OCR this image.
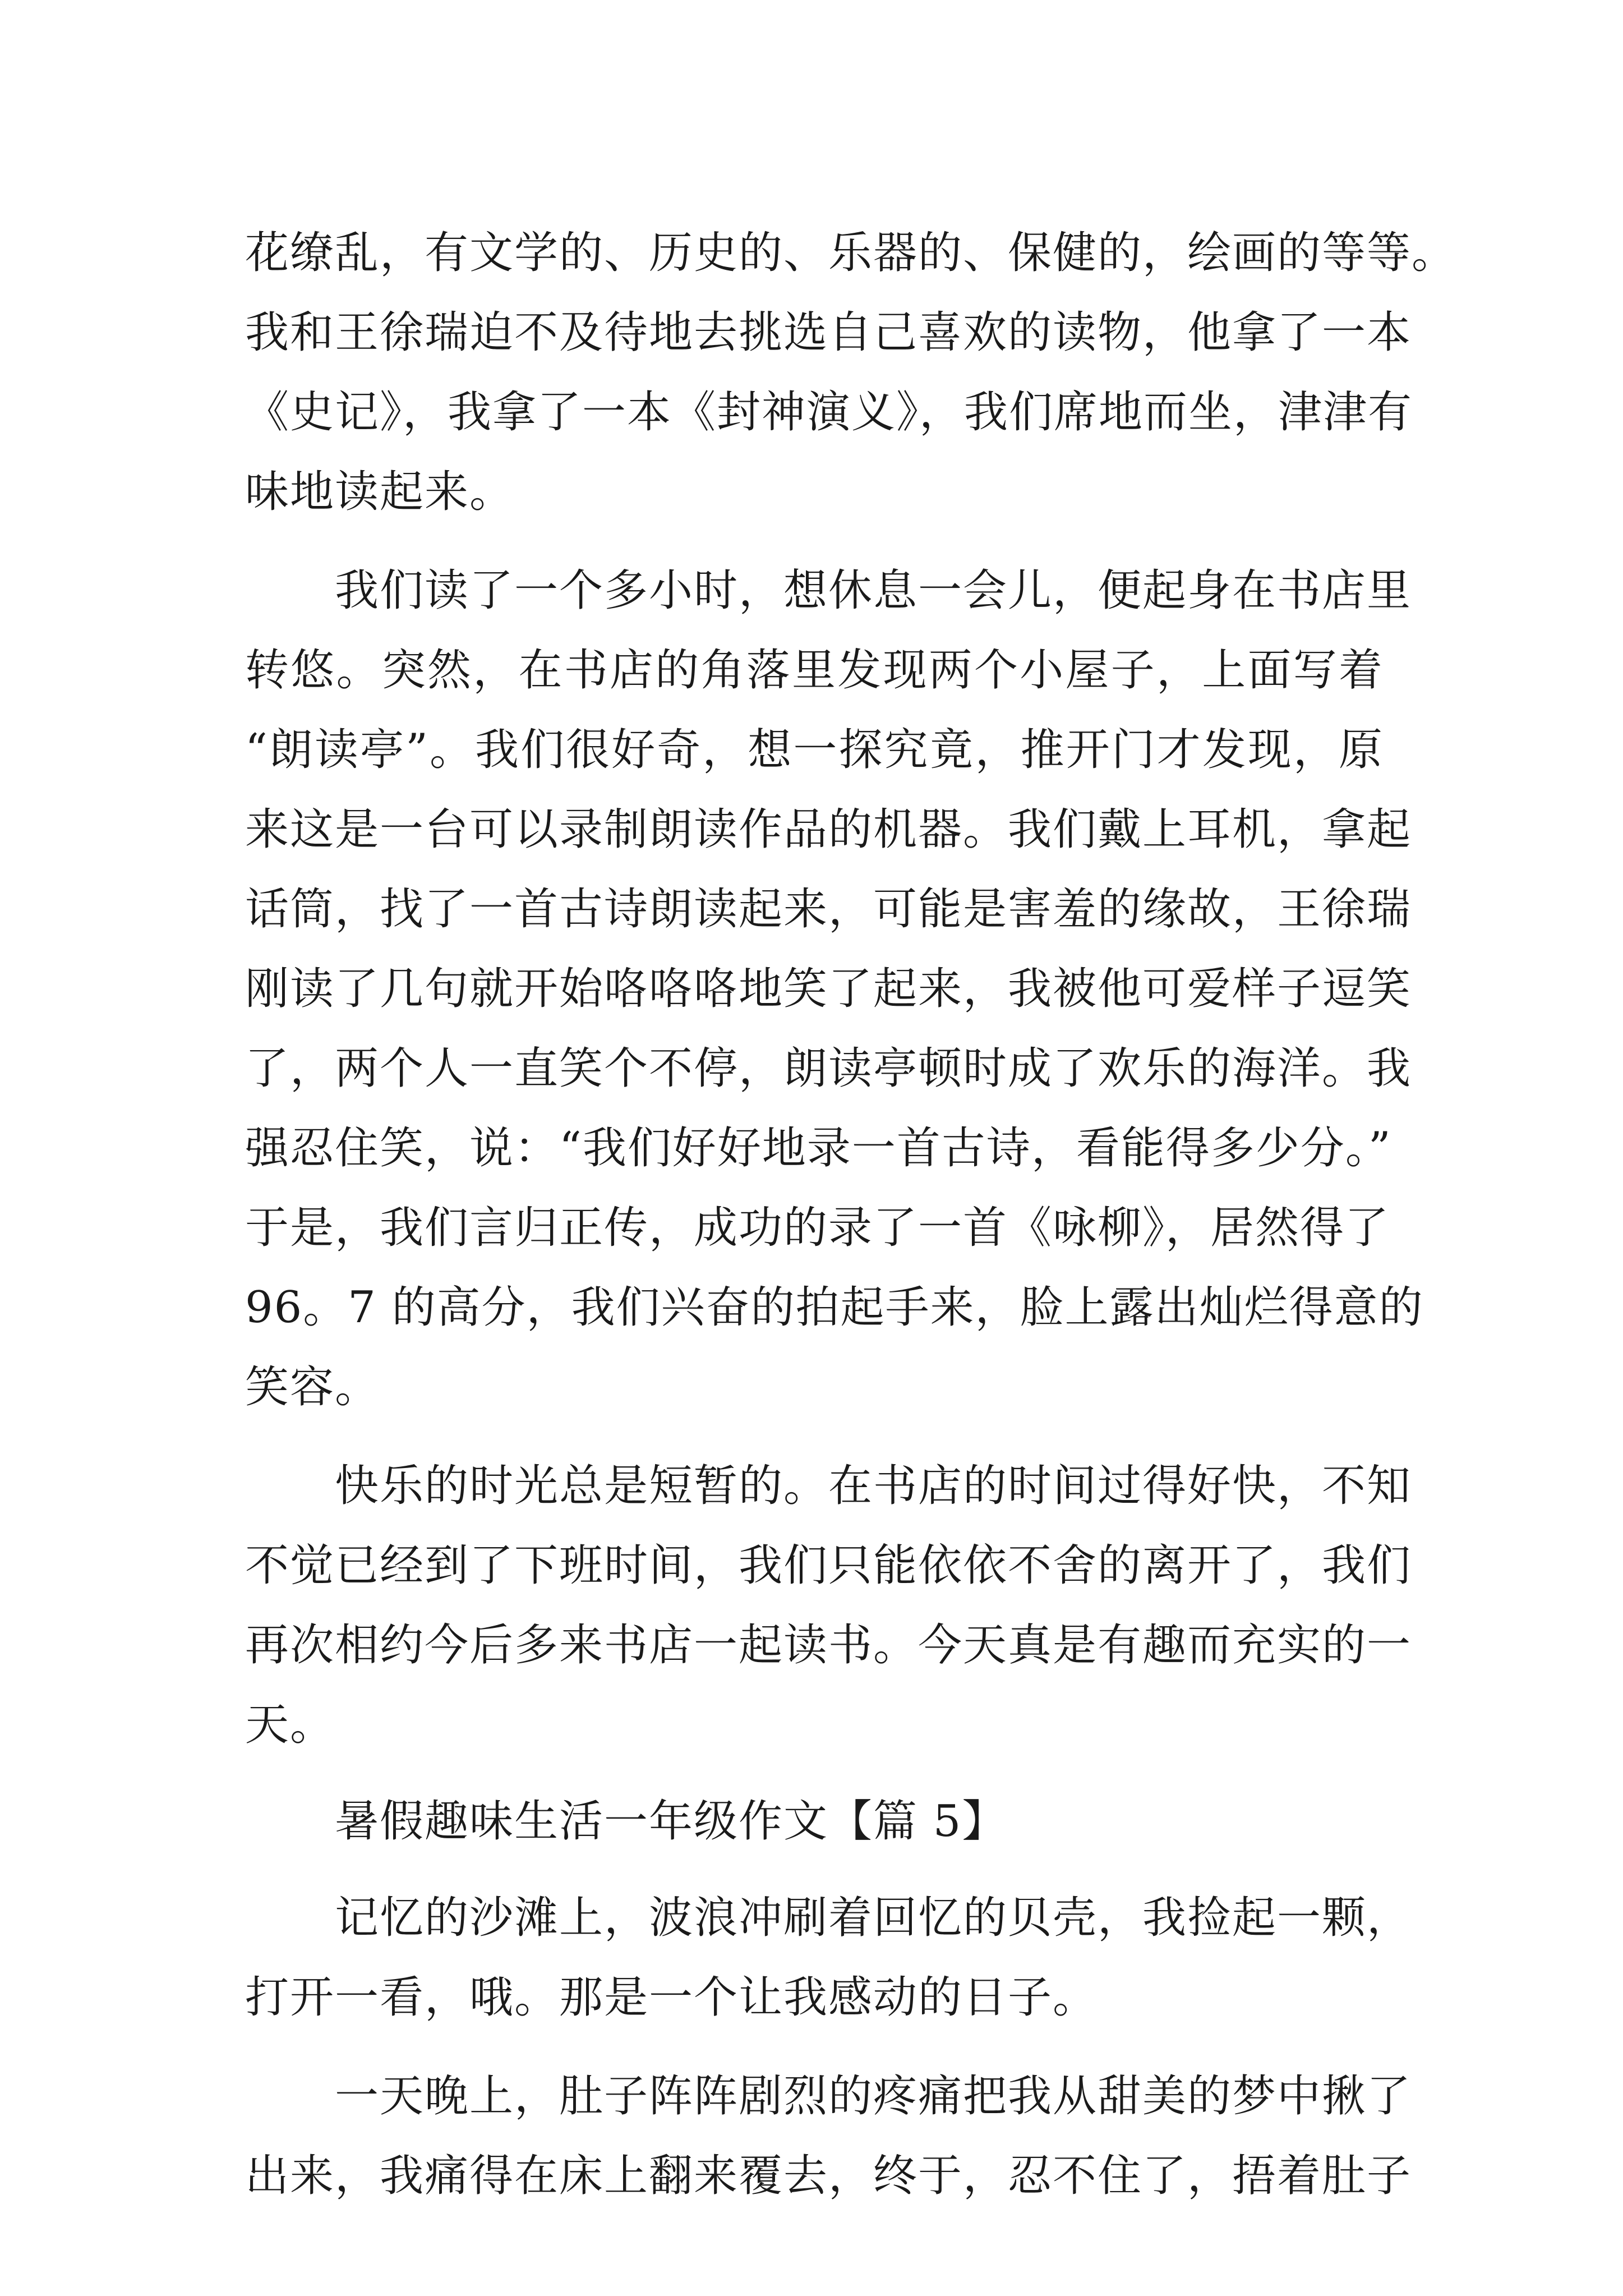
花缭乱，有文学的、历史的、乐器的、保健的，绘画的等等。
我和王徐瑞迫不及待地去挑选自己喜欢的读物，他拿了一本
《史记》，我拿了一本《封神演义》，我们席地而坐，津津有
味地读起来。
我们读了一个多小时，想休息一会儿，便起身在书店里
转悠。突然，在书店的角落里发现两个小屋子，上面写着
“朗读亭”。我们很好奇，想一探究竟，推开门才发现，原
来这是一台可以录制朗读作品的机器。我们戴上耳机，拿起
话筒，找了一首古诗朗读起来，可能是害羞的缘故，王徐瑞
刚读了几句就开始咯咯咯地笑了起来，我被他可爱样子逗笑
了，两个人一直笑个不停，朗读亭顿时成了欢乐的海洋。我
强忍住笑，说：“我们好好地录一首古诗，看能得多少分。”
于是，我们言归正传，成功的录了一首《咏柳》，居然得了
96。7 的高分，我们兴奋的拍起手来，脸上露出灿烂得意的
笑容。
快乐的时光总是短暂的。在书店的时间过得好快，不知
不觉已经到了下班时间，我们只能依依不舍的离开了，我们
再次相约今后多来书店一起读书。今天真是有趣而充实的一
天。
暑假趣味生活一年级作文【篇 5】
记忆的沙滩上，波浪冲刷着回忆的贝壳，我捡起一颗，
打开一看，哦。那是一个让我感动的日子。
一天晚上，肚子阵阵剧烈的疼痛把我从甜美的梦中揪了
出来，我痛得在床上翻来覆去，终于，忍不住了，捂着肚子
